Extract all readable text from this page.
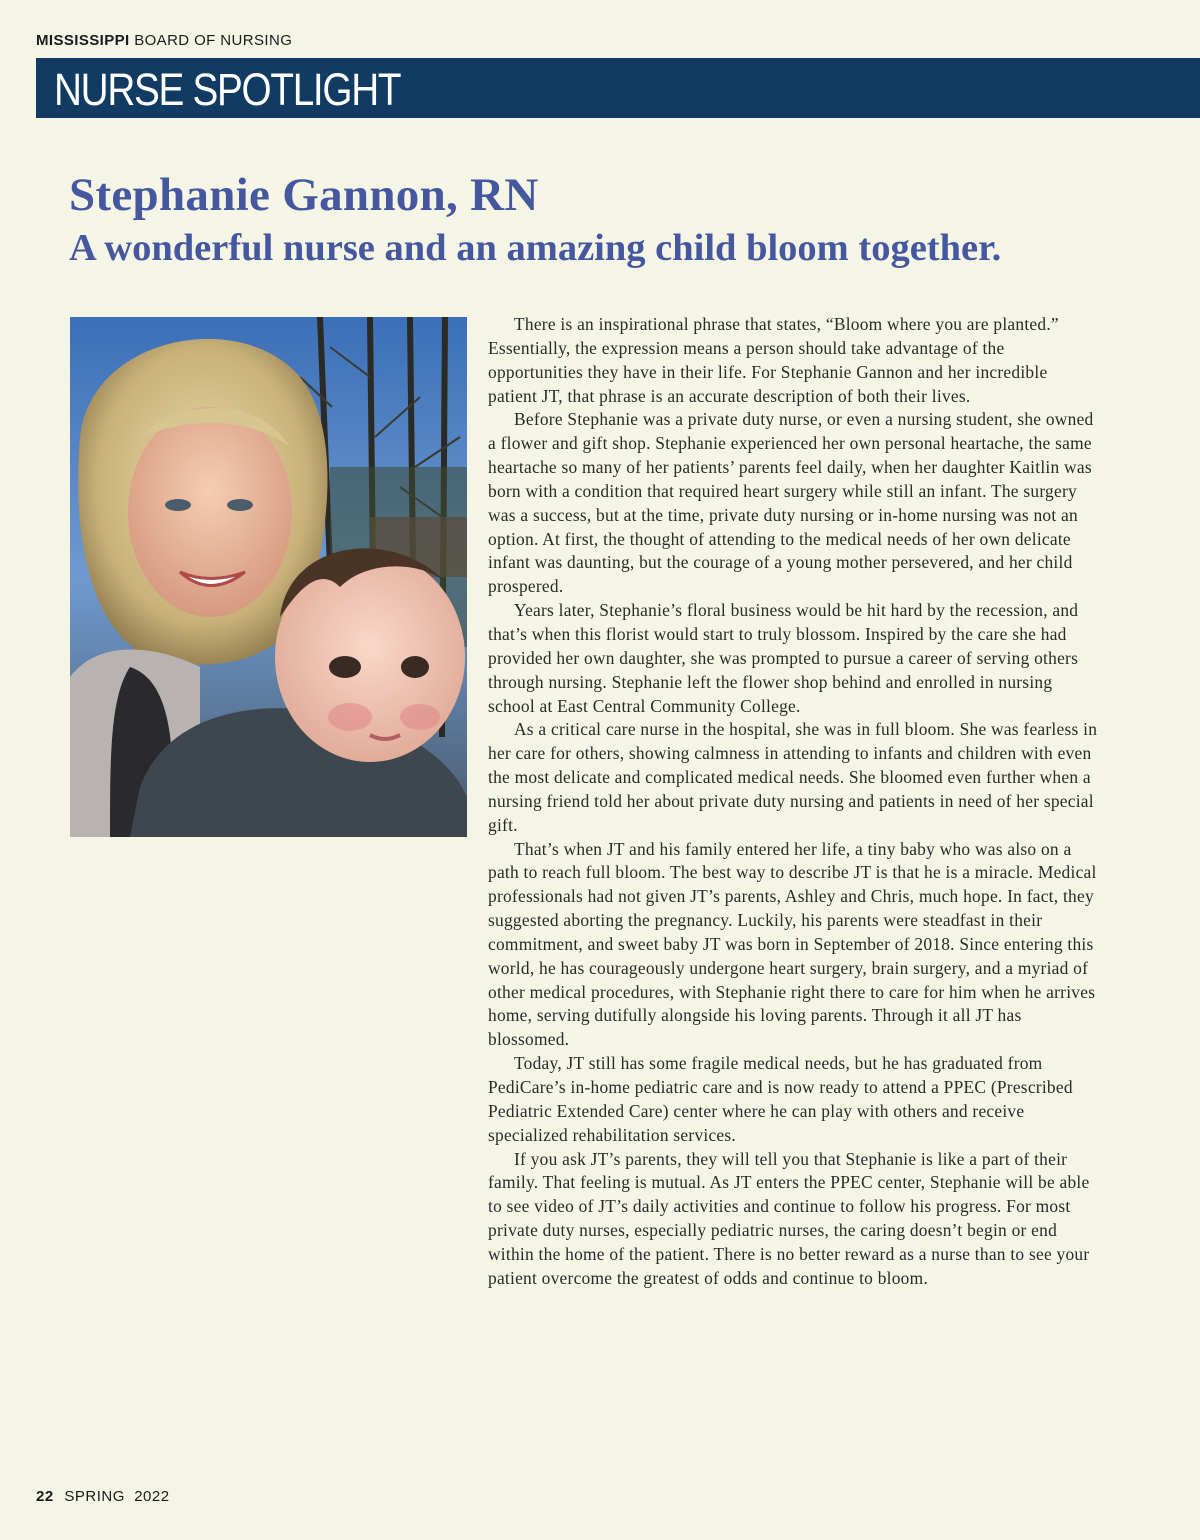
MISSISSIPPI BOARD OF NURSING
NURSE SPOTLIGHT
Stephanie Gannon, RN
A wonderful nurse and an amazing child bloom together.

There is an inspirational phrase that states, “Bloom where you are planted.” Essentially, the expression means a person should take advantage of the opportunities they have in their life. For Stephanie Gannon and her incredible patient JT, that phrase is an accurate description of both their lives.

Before Stephanie was a private duty nurse, or even a nursing student, she owned a flower and gift shop. Stephanie experienced her own personal heartache, the same heartache so many of her patients’ parents feel daily, when her daughter Kaitlin was born with a condition that required heart surgery while still an infant. The surgery was a success, but at the time, private duty nursing or in-home nursing was not an option. At first, the thought of attending to the medical needs of her own delicate infant was daunting, but the courage of a young mother persevered, and her child prospered.

Years later, Stephanie’s floral business would be hit hard by the recession, and that’s when this florist would start to truly blossom. Inspired by the care she had provided her own daughter, she was prompted to pursue a career of serving others through nursing. Stephanie left the flower shop behind and enrolled in nursing school at East Central Community College.

As a critical care nurse in the hospital, she was in full bloom. She was fearless in her care for others, showing calmness in attending to infants and children with even the most delicate and complicated medical needs. She bloomed even further when a nursing friend told her about private duty nursing and patients in need of her special gift.

That’s when JT and his family entered her life, a tiny baby who was also on a path to reach full bloom. The best way to describe JT is that he is a miracle. Medical professionals had not given JT’s parents, Ashley and Chris, much hope. In fact, they suggested aborting the pregnancy. Luckily, his parents were steadfast in their commitment, and sweet baby JT was born in September of 2018. Since entering this world, he has courageously undergone heart surgery, brain surgery, and a myriad of other medical procedures, with Stephanie right there to care for him when he arrives home, serving dutifully alongside his loving parents. Through it all JT has blossomed.

Today, JT still has some fragile medical needs, but he has graduated from PediCare’s in-home pediatric care and is now ready to attend a PPEC (Prescribed Pediatric Extended Care) center where he can play with others and receive specialized rehabilitation services.

If you ask JT’s parents, they will tell you that Stephanie is like a part of their family. That feeling is mutual. As JT enters the PPEC center, Stephanie will be able to see video of JT’s daily activities and continue to follow his progress. For most private duty nurses, especially pediatric nurses, the caring doesn’t begin or end within the home of the patient. There is no better reward as a nurse than to see your patient overcome the greatest of odds and continue to bloom.

22 SPRING  2022
